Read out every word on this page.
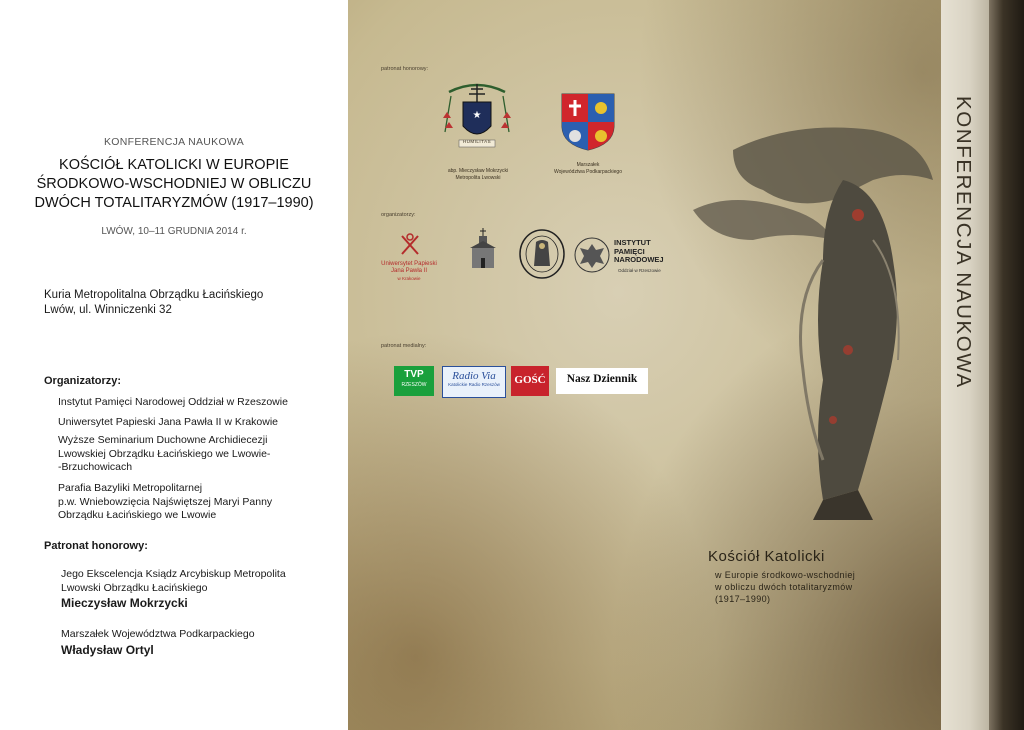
KONFERENCJA NAUKOWA
KOŚCIÓŁ KATOLICKI W EUROPIE
ŚRODKOWO-WSCHODNIEJ W OBLICZU
DWÓCH TOTALITARYZMÓW (1917–1990)
LWÓW, 10–11 GRUDNIA 2014 r.
Kuria Metropolitalna Obrządku Łacińskiego
Lwów, ul. Winniczenki 32
Organizatorzy:
Instytut Pamięci Narodowej Oddział w Rzeszowie
Uniwersytet Papieski Jana Pawła II w Krakowie
Wyższe Seminarium Duchowne Archidiecezji
Lwowskiej Obrządku Łacińskiego we Lwowie-
-Brzuchowicach
Parafia Bazyliki Metropolitarnej
p.w. Wniebowzięcia Najświętszej Maryi Panny
Obrządku Łacińskiego we Lwowie
Patronat honorowy:
Jego Ekscelencja Ksiądz Arcybiskup Metropolita
Lwowski Obrządku Łacińskiego
Mieczysław Mokrzycki
Marszałek Województwa Podkarpackiego
Władysław Ortyl
patronat honorowy:
★
HUMILITAS
abp. Mieczysław Mokrzycki
Metropolita Lwowski
Marszałek
Województwa Podkarpackiego
organizatorzy:
Uniwersytet Papieski
Jana Pawła II
w Krakowie
INSTYTUT
PAMIĘCI
NARODOWEJ
Oddział w Rzeszowie
patronat medialny:
TVP
RZESZÓW
Radio Via
Katolickie Radio Rzeszów	GOŚĆ	Nasz Dziennik	KONFERENCJA NAUKOWA
Kościół Katolicki
w Europie środkowo-wschodniej
w obliczu dwóch totalitaryzmów
(1917–1990)
